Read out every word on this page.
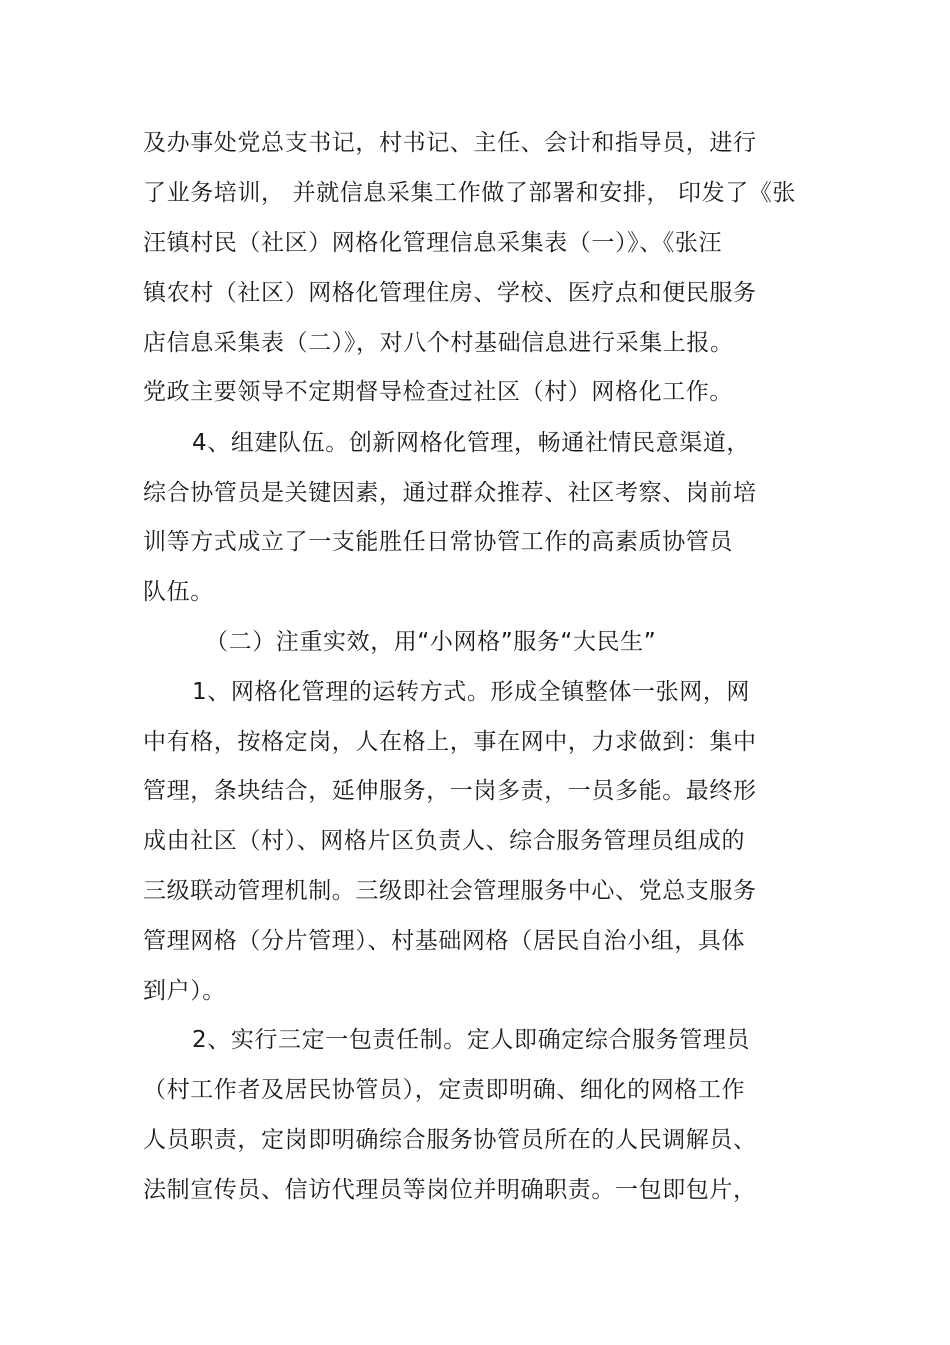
及办事处党总支书记，村书记、主任、会计和指导员，进行
了业务培训， 并就信息采集工作做了部署和安排， 印发了《张
汪镇村民（社区）网格化管理信息采集表（一）》、《张汪
镇农村（社区）网格化管理住房、学校、医疗点和便民服务
店信息采集表（二）》，对八个村基础信息进行采集上报。
党政主要领导不定期督导检查过社区（村）网格化工作。
4、组建队伍。创新网格化管理，畅通社情民意渠道，
综合协管员是关键因素，通过群众推荐、社区考察、岗前培
训等方式成立了一支能胜任日常协管工作的高素质协管员
队伍。
（二）注重实效，用“小网格”服务“大民生”
1、网格化管理的运转方式。形成全镇整体一张网，网
中有格，按格定岗，人在格上，事在网中，力求做到：集中
管理，条块结合，延伸服务，一岗多责，一员多能。最终形
成由社区（村）、网格片区负责人、综合服务管理员组成的
三级联动管理机制。三级即社会管理服务中心、党总支服务
管理网格（分片管理）、村基础网格（居民自治小组，具体
到户）。
2、实行三定一包责任制。定人即确定综合服务管理员
（村工作者及居民协管员），定责即明确、细化的网格工作
人员职责，定岗即明确综合服务协管员所在的人民调解员、
法制宣传员、信访代理员等岗位并明确职责。一包即包片，
